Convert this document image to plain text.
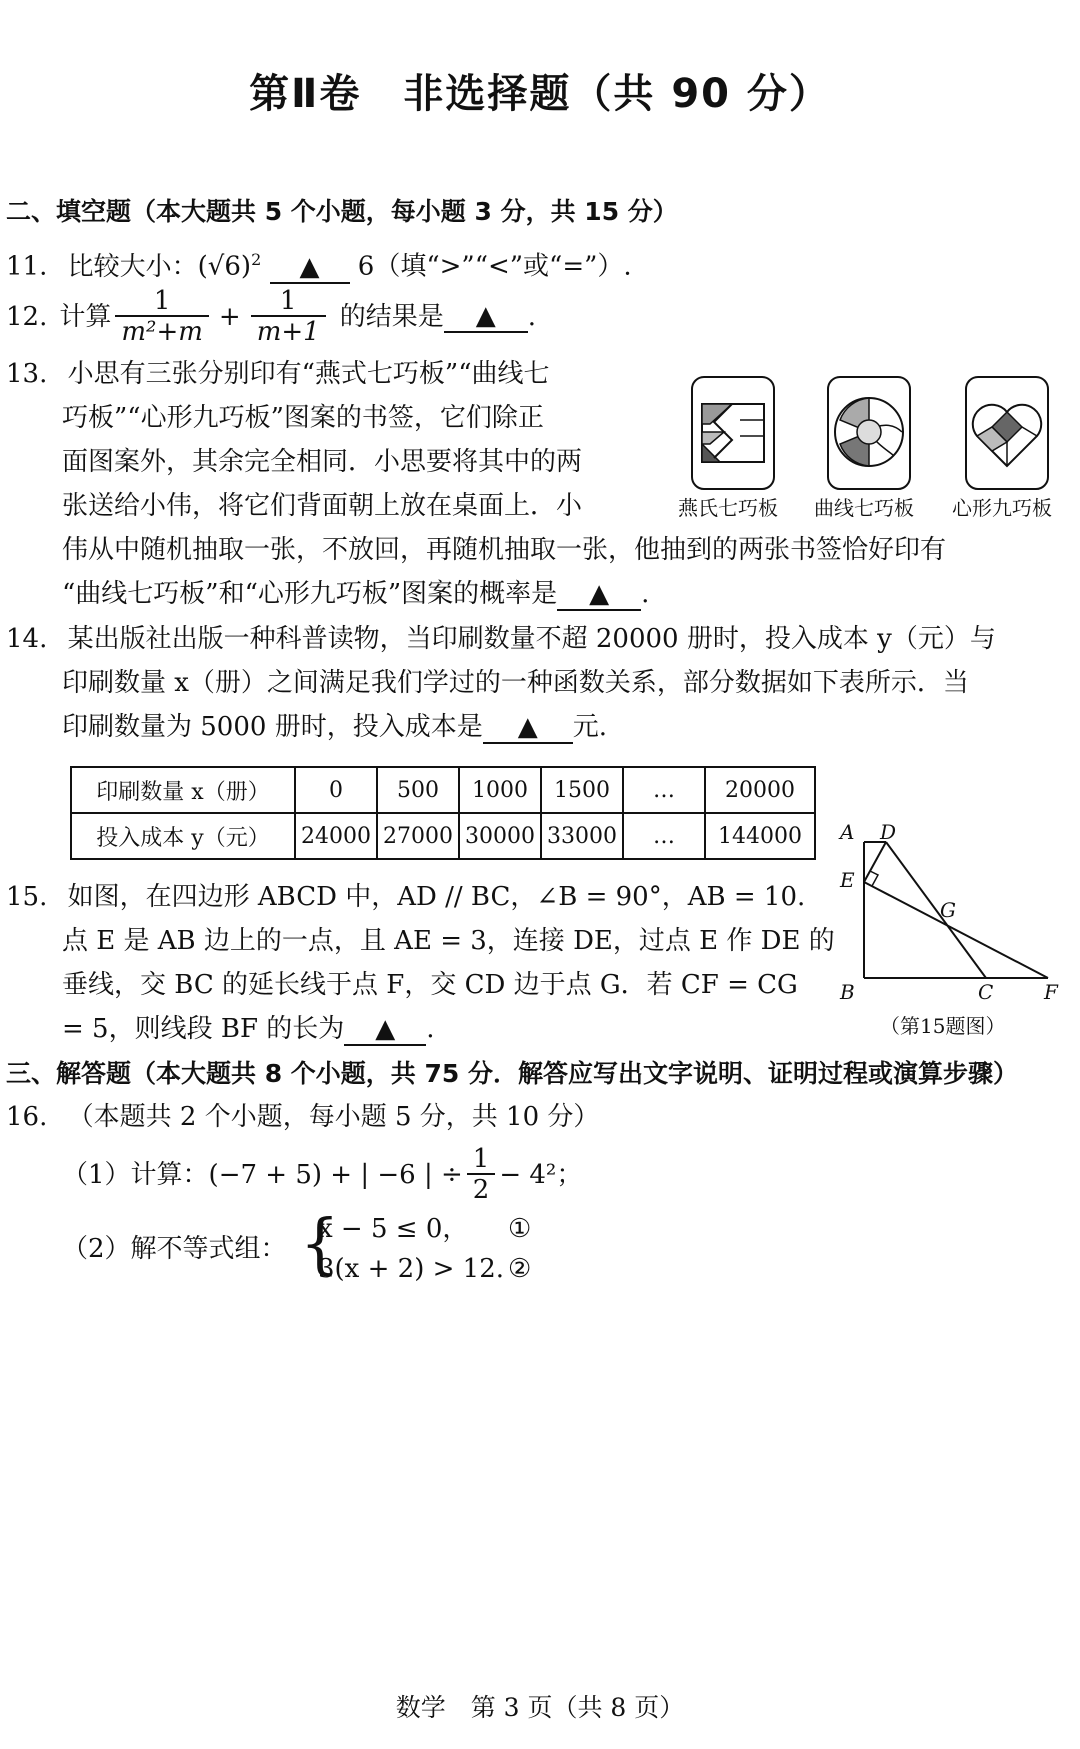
第Ⅱ卷　非选择题（共 90 分）
二、填空题（本大题共 5 个小题，每小题 3 分，共 15 分）
11. 比较大小：$(√6)^2$ ▲ 6（填“>”“<”或“=”）.
12. 计算 $\frac{1}{\text{m²+m}} + \frac{1}{m+1}$ 的结果是	▲	.
13. 小思有三张分别印有“燕式七巧板”“曲线七
巧板”“心形九巧板”图案的书签，它们除正
面图案外，其余完全相同．小思要将其中的两
张送给小伟，将它们背面朝上放在桌面上．小
伟从中随机抽取一张，不放回，再随机抽取一张，他抽到的两张书签恰好印有
“曲线七巧板”和“心形九巧板”图案的概率是 ▲ .
燕氏七巧板 曲线七巧板 心形九巧板
14. 某出版社出版一种科普读物，当印刷数量不超 20000 册时，投入成本 y（元）与
印刷数量 x（册）之间满足我们学过的一种函数关系，部分数据如下表所示．当
印刷数量为 5000 册时，投入成本是 ▲ 元.
印刷数量 x（册）	0	500	1000	1500	…	20000
投入成本 y（元）	24000	27000	30000	33000	…	144000
15. 如图，在四边形 ABCD 中，AD // BC，∠B = 90°，AB = 10.
点 E 是 AB 边上的一点，且 AE = 3，连接 DE，过点 E 作 DE 的
垂线，交 BC 的延长线于点 F，交 CD 边于点 G．若 CF = CG
= 5，则线段 BF 的长为 ▲ .
A D
E
G
B	C	F
（第15题图）
三、解答题（本大题共 8 个小题，共 75 分．解答应写出文字说明、证明过程或演算步骤）
16. （本题共 2 个小题，每小题 5 分，共 10 分）
（1）计算： (−7 + 5) + | −6 | ÷ $\frac{1}{2} - 4^2$；
（2）解不等式组： {
x − 5 ≤ 0， ①
3(x + 2) > 12. ②
数学　第 3 页（共 8 页）
